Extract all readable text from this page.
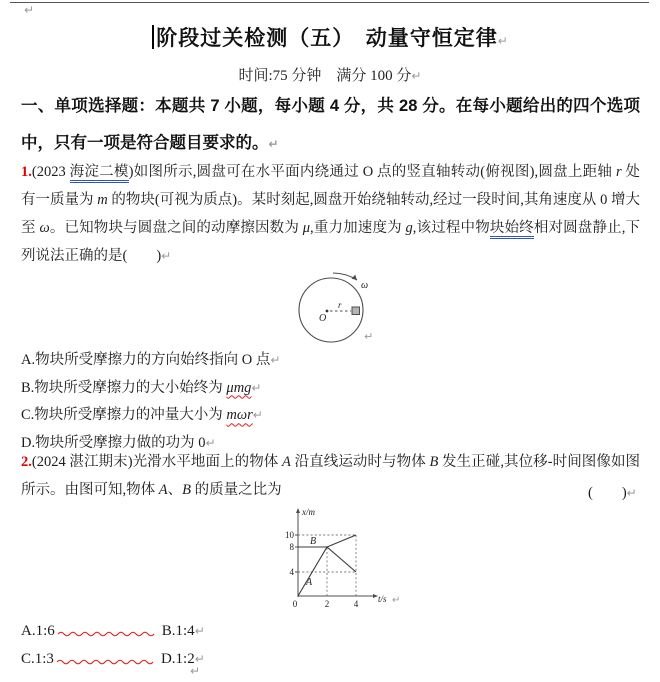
↵
阶段过关检测（五）　动量守恒定律↵
时间:75 分钟　满分 100 分↵
一、单项选择题：本题共 7 小题，每小题 4 分，共 28 分。在每小题给出的四个选项中，只有一项是符合题目要求的。↵
1.(2023 海淀二模)如图所示,圆盘可在水平面内绕通过 O 点的竖直轴转动(俯视图),圆盘上距轴 r 处有一质量为 m 的物块(可视为质点)。某时刻起,圆盘开始绕轴转动,经过一段时间,其角速度从 0 增大至 ω。已知物块与圆盘之间的动摩擦因数为 μ,重力加速度为 g,该过程中物块始终相对圆盘静止,下列说法正确的是(　　)↵
O
r
ω
↵
A.物块所受摩擦力的方向始终指向 O 点↵
B.物块所受摩擦力的大小始终为 μmg↵
C.物块所受摩擦力的冲量大小为 mωr↵
D.物块所受摩擦力做的功为 0↵
2.(2024 湛江期末)光滑水平地面上的物体 A 沿直线运动时与物体 B 发生正碰,其位移-时间图像如图所示。由图可知,物体 A、B 的质量之比为	(　　)↵
10
8
4
0	2	4
x/m
t/s
A
B
↵
A.1:6	B.1:4↵
C.1:3	D.1:2↵
↵
